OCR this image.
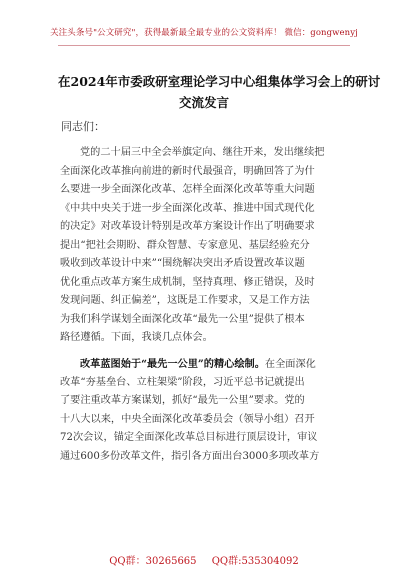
关注头条号"公文研究"，获得最新最全最专业的公文资料库！ 微信：gongwenyj
在2024年市委政研室理论学习中心组集体学习会上的研讨
交流发言
同志们：
党的二十届三中全会举旗定向、继往开来，发出继续把
全面深化改革推向前进的新时代最强音，明确回答了为什
么要进一步全面深化改革、怎样全面深化改革等重大问题
《中共中央关于进一步全面深化改革、推进中国式现代化
的决定》对改革设计特别是改革方案设计作出了明确要求
提出“把社会期盼、群众智慧、专家意见、基层经验充分
吸收到改革设计中来”“围绕解决突出矛盾设置改革议题
优化重点改革方案生成机制，坚持真理、修正错误，及时
发现问题、纠正偏差”，这既是工作要求，又是工作方法
为我们科学谋划全面深化改革“最先一公里”提供了根本
路径遵循。下面，我谈几点体会。
改革蓝图始于“最先一公里”的精心绘制。在全面深化
改革“夯基垒台、立柱架梁”阶段，习近平总书记就提出
了要注重改革方案谋划，抓好“最先一公里”要求。党的
十八大以来，中央全面深化改革委员会（领导小组）召开
72次会议，锚定全面深化改革总目标进行顶层设计，审议
通过600多份改革文件，指引各方面出台3000多项改革方
QQ群：30265665 QQ群:535304092
